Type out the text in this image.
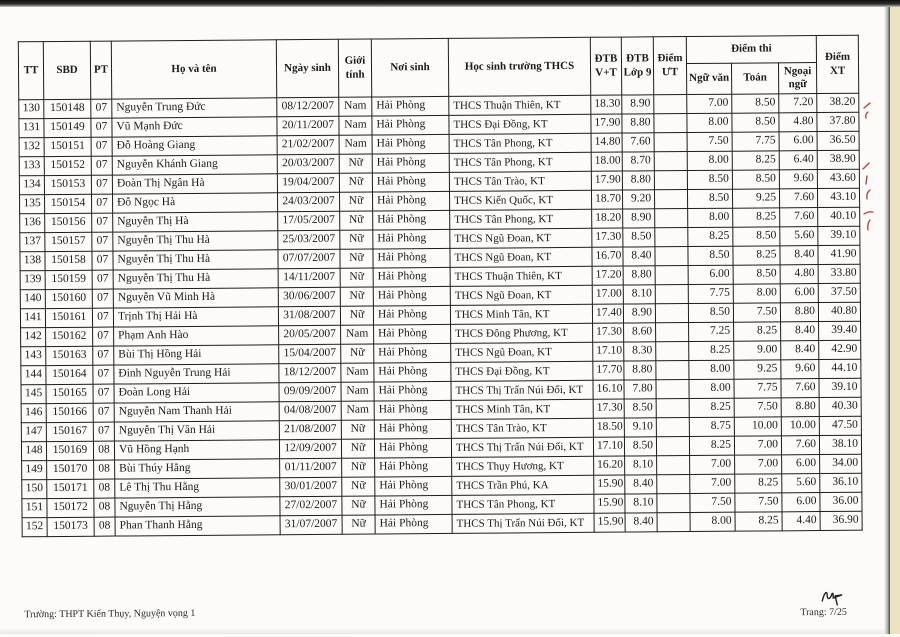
TT	SBD	PT	Họ và tên	Ngày sinh	Giới tính	Nơi sinh	Học sinh trường THCS	ĐTB V+T	ĐTB Lớp 9	Điểm ƯT	Điểm thi			Điểm XT
											Ngữ văn	Toán	Ngoại ngữ	
130	150148	07	Nguyễn Trung Đức	08/12/2007	Nam	Hải Phòng	THCS Thuận Thiên, KT	18.30	8.90		7.00	8.50	7.20	38.20
131	150149	07	Vũ Mạnh Đức	20/11/2007	Nam	Hải Phòng	THCS Đại Đồng, KT	17.90	8.80		8.00	8.50	4.80	37.80
132	150151	07	Đỗ Hoàng Giang	21/02/2007	Nam	Hải Phòng	THCS Tân Phong, KT	14.80	7.60		7.50	7.75	6.00	36.50
133	150152	07	Nguyễn Khánh Giang	20/03/2007	Nữ	Hải Phòng	THCS Tân Phong, KT	18.00	8.70		8.00	8.25	6.40	38.90
134	150153	07	Đoàn Thị Ngân Hà	19/04/2007	Nữ	Hải Phòng	THCS Tân Trào, KT	17.90	8.80		8.50	8.50	9.60	43.60
135	150154	07	Đỗ Ngọc Hà	24/03/2007	Nữ	Hải Phòng	THCS Kiến Quốc, KT	18.70	9.20		8.50	9.25	7.60	43.10
136	150156	07	Nguyễn Thị Hà	17/05/2007	Nữ	Hải Phòng	THCS Tân Phong, KT	18.20	8.90		8.00	8.25	7.60	40.10
137	150157	07	Nguyễn Thị Thu Hà	25/03/2007	Nữ	Hải Phòng	THCS Ngũ Đoan, KT	17.30	8.50		8.25	8.50	5.60	39.10
138	150158	07	Nguyễn Thị Thu Hà	07/07/2007	Nữ	Hải Phòng	THCS Ngũ Đoan, KT	16.70	8.40		8.50	8.25	8.40	41.90
139	150159	07	Nguyễn Thị Thu Hà	14/11/2007	Nữ	Hải Phòng	THCS Thuận Thiên, KT	17.20	8.80		6.00	8.50	4.80	33.80
140	150160	07	Nguyễn Vũ Minh Hà	30/06/2007	Nữ	Hải Phòng	THCS Ngũ Đoan, KT	17.00	8.10		7.75	8.00	6.00	37.50
141	150161	07	Trịnh Thị Hải Hà	31/08/2007	Nữ	Hải Phòng	THCS Minh Tân, KT	17.40	8.90		8.50	7.50	8.80	40.80
142	150162	07	Phạm Anh Hào	20/05/2007	Nam	Hải Phòng	THCS Đông Phương, KT	17.30	8.60		7.25	8.25	8.40	39.40
143	150163	07	Bùi Thị Hồng Hải	15/04/2007	Nữ	Hải Phòng	THCS Ngũ Đoan, KT	17.10	8.30		8.25	9.00	8.40	42.90
144	150164	07	Đinh Nguyễn Trung Hải	18/12/2007	Nam	Hải Phòng	THCS Đại Đồng, KT	17.70	8.80		8.00	9.25	9.60	44.10
145	150165	07	Đoàn Long Hải	09/09/2007	Nam	Hải Phòng	THCS Thị Trấn Núi Đối, KT	16.10	7.80		8.00	7.75	7.60	39.10
146	150166	07	Nguyễn Nam Thanh Hải	04/08/2007	Nam	Hải Phòng	THCS Minh Tân, KT	17.30	8.50		8.25	7.50	8.80	40.30
147	150167	07	Nguyễn Thị Vân Hải	21/08/2007	Nữ	Hải Phòng	THCS Tân Trào, KT	18.50	9.10		8.75	10.00	10.00	47.50
148	150169	08	Vũ Hồng Hạnh	12/09/2007	Nữ	Hải Phòng	THCS Thị Trấn Núi Đối, KT	17.10	8.50		8.25	7.00	7.60	38.10
149	150170	08	Bùi Thúy Hằng	01/11/2007	Nữ	Hải Phòng	THCS Thụy Hương, KT	16.20	8.10		7.00	7.00	6.00	34.00
150	150171	08	Lê Thị Thu Hằng	30/01/2007	Nữ	Hải Phòng	THCS Trần Phú, KA	15.90	8.40		7.00	8.25	5.60	36.10
151	150172	08	Nguyễn Thị Hằng	27/02/2007	Nữ	Hải Phòng	THCS Tân Phong, KT	15.90	8.10		7.50	7.50	6.00	36.00
152	150173	08	Phan Thanh Hằng	31/07/2007	Nữ	Hải Phòng	THCS Thị Trấn Núi Đối, KT	15.90	8.40		8.00	8.25	4.40	36.90
Trường: THPT Kiến Thụy, Nguyện vọng 1	Trang: 7/25
